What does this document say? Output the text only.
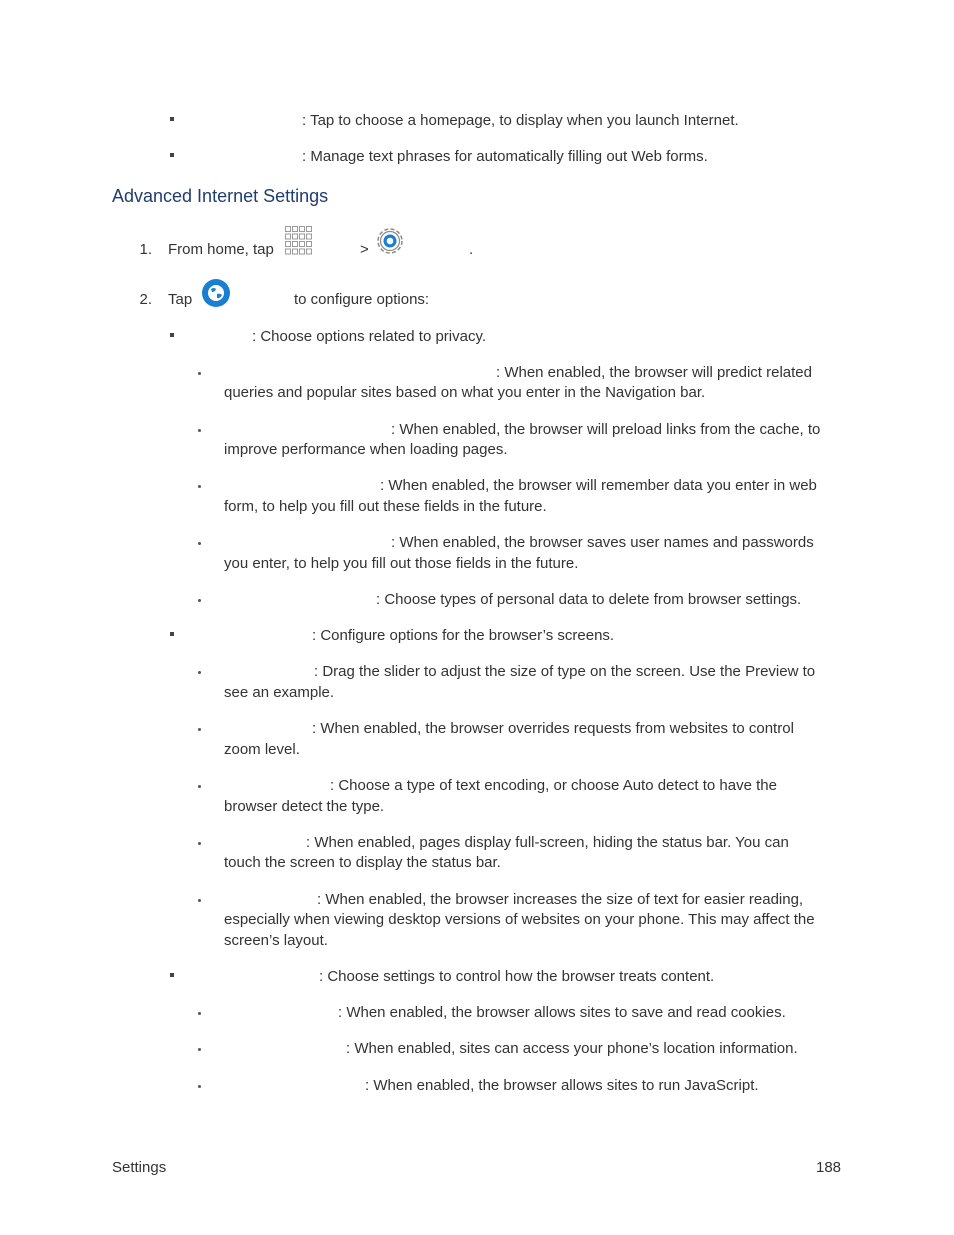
: Tap to choose a homepage, to display when you launch Internet.
: Manage text phrases for automatically filling out Web forms.
Advanced Internet Settings
1. From home, tap	>	.
2. Tap	to configure options:
: Choose options related to privacy.
: When enabled, the browser will predict related
queries and popular sites based on what you enter in the Navigation bar.
: When enabled, the browser will preload links from the cache, to
improve performance when loading pages.
: When enabled, the browser will remember data you enter in web
form, to help you fill out these fields in the future.
: When enabled, the browser saves user names and passwords
you enter, to help you fill out those fields in the future.
: Choose types of personal data to delete from browser settings.
: Configure options for the browser’s screens.
: Drag the slider to adjust the size of type on the screen. Use the Preview to
see an example.
: When enabled, the browser overrides requests from websites to control
zoom level.
: Choose a type of text encoding, or choose Auto detect to have the
browser detect the type.
: When enabled, pages display full-screen, hiding the status bar. You can
touch the screen to display the status bar.
: When enabled, the browser increases the size of text for easier reading,
especially when viewing desktop versions of websites on your phone. This may affect the
screen’s layout.
: Choose settings to control how the browser treats content.
: When enabled, the browser allows sites to save and read cookies.
: When enabled, sites can access your phone’s location information.
: When enabled, the browser allows sites to run JavaScript.
Settings	188
